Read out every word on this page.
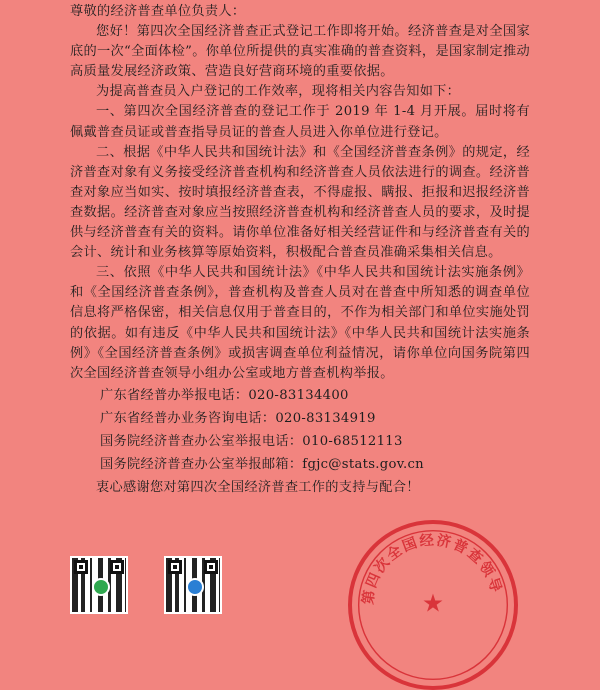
尊敬的经济普查单位负责人：

您好！第四次全国经济普查正式登记工作即将开始。经济普查是对全国家底的一次“全面体检”。你单位所提供的真实准确的普查资料，是国家制定推动高质量发展经济政策、营造良好营商环境的重要依据。

为提高普查员入户登记的工作效率，现将相关内容告知如下：

一、第四次全国经济普查的登记工作于 2019 年 1-4 月开展。届时将有佩戴普查员证或普查指导员证的普查人员进入你单位进行登记。

二、根据《中华人民共和国统计法》和《全国经济普查条例》的规定，经济普查对象有义务接受经济普查机构和经济普查人员依法进行的调查。经济普查对象应当如实、按时填报经济普查表，不得虚报、瞒报、拒报和迟报经济普查数据。经济普查对象应当按照经济普查机构和经济普查人员的要求，及时提供与经济普查有关的资料。请你单位准备好相关经营证件和与经济普查有关的会计、统计和业务核算等原始资料，积极配合普查员准确采集相关信息。

三、依照《中华人民共和国统计法》《中华人民共和国统计法实施条例》和《全国经济普查条例》，普查机构及普查人员对在普查中所知悉的调查单位信息将严格保密，相关信息仅用于普查目的，不作为相关部门和单位实施处罚的依据。如有违反《中华人民共和国统计法》《中华人民共和国统计法实施条例》《全国经济普查条例》或损害调查单位利益情况，请你单位向国务院第四次全国经济普查领导小组办公室或地方普查机构举报。

广东省经普办举报电话：020-83134400

广东省经普办业务咨询电话：020-83134919

国务院经济普查办公室举报电话：010-68512113

国务院经济普查办公室举报邮箱：fgjc@stats.gov.cn

衷心感谢您对第四次全国经济普查工作的支持与配合！

第四次全国经济普查领导
★
